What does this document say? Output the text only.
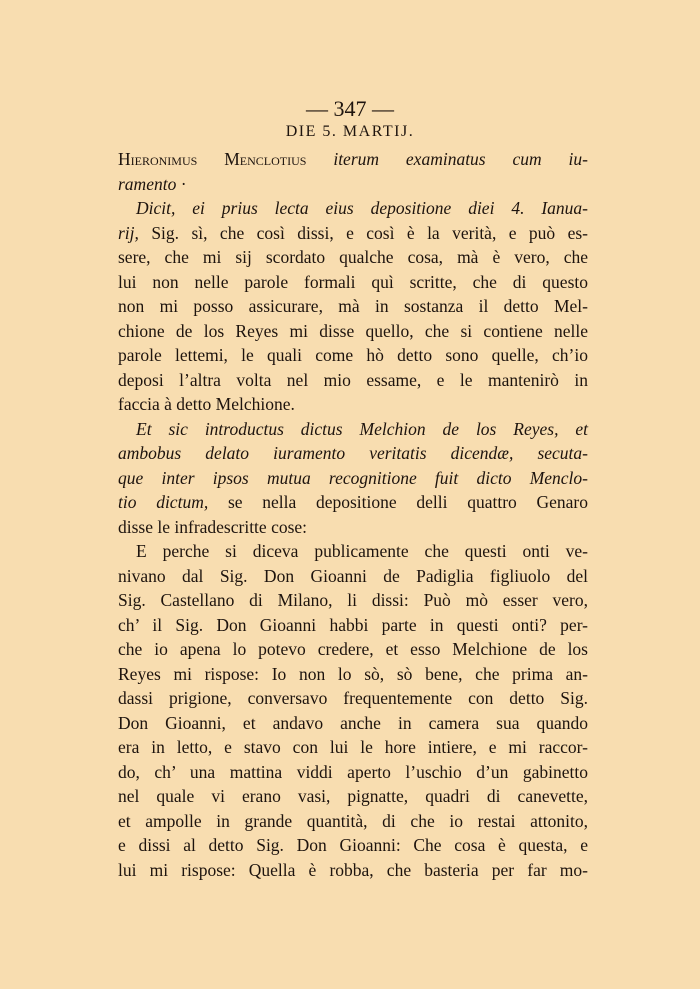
— 347 —
DIE 5. MARTIJ.
Hieronimus Menclotius iterum examinatus cum iu-
ramento ·
Dicit, ei prius lecta eius depositione diei 4. Ianua-
rij, Sig. sì, che così dissi, e così è la verità, e può es-
sere, che mi sij scordato qualche cosa, mà è vero, che
lui non nelle parole formali quì scritte, che di questo
non mi posso assicurare, mà in sostanza il detto Mel-
chione de los Reyes mi disse quello, che si contiene nelle
parole lettemi, le quali come hò detto sono quelle, ch’io
deposi l’altra volta nel mio essame, e le mantenirò in
faccia à detto Melchione.
Et sic introductus dictus Melchion de los Reyes, et
ambobus delato iuramento veritatis dicendæ, secuta-
que inter ipsos mutua recognitione fuit dicto Menclo-
tio dictum, se nella depositione delli quattro Genaro
disse le infradescritte cose:
E perche si diceva publicamente che questi onti ve-
nivano dal Sig. Don Gioanni de Padiglia figliuolo del
Sig. Castellano di Milano, li dissi: Può mò esser vero,
ch’ il Sig. Don Gioanni habbi parte in questi onti? per-
che io apena lo potevo credere, et esso Melchione de los
Reyes mi rispose: Io non lo sò, sò bene, che prima an-
dassi prigione, conversavo frequentemente con detto Sig.
Don Gioanni, et andavo anche in camera sua quando
era in letto, e stavo con lui le hore intiere, e mi raccor-
do, ch’ una mattina viddi aperto l’uschio d’un gabinetto
nel quale vi erano vasi, pignatte, quadri di canevette,
et ampolle in grande quantità, di che io restai attonito,
e dissi al detto Sig. Don Gioanni: Che cosa è questa, e
lui mi rispose: Quella è robba, che basteria per far mo-
